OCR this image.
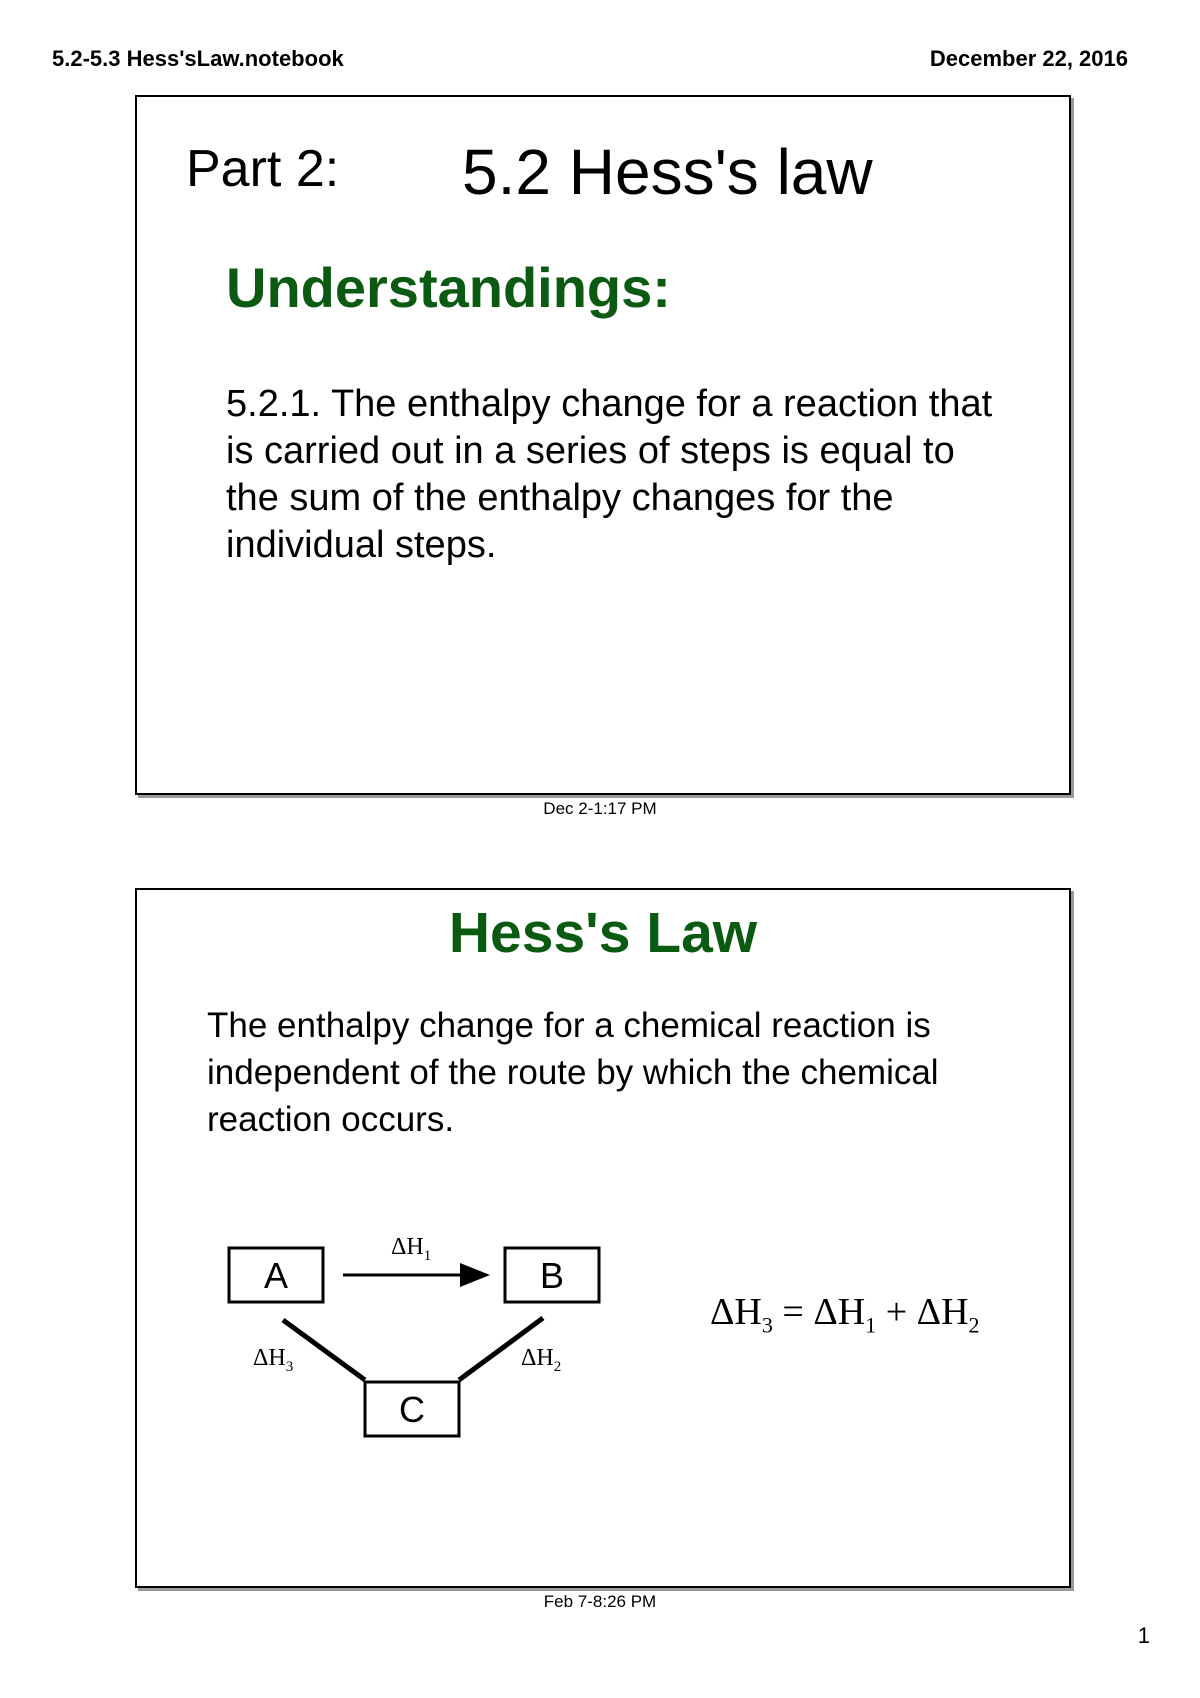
5.2-5.3 Hess'sLaw.notebook	December 22, 2016
Part 2: 5.2 Hess's law
Understandings:
5.2.1. The enthalpy change for a reaction that is carried out in a series of steps is equal to the sum of the enthalpy changes for the individual steps.
Dec 2-1:17 PM
Hess's Law
The enthalpy change for a chemical reaction is independent of the route by which the chemical reaction occurs.
A	B
C
$\Delta H_1$
$\Delta H_3$	$\Delta H_2$
$\Delta H_3 = \Delta H_1 + \Delta H_2$
Feb 7-8:26 PM
1
